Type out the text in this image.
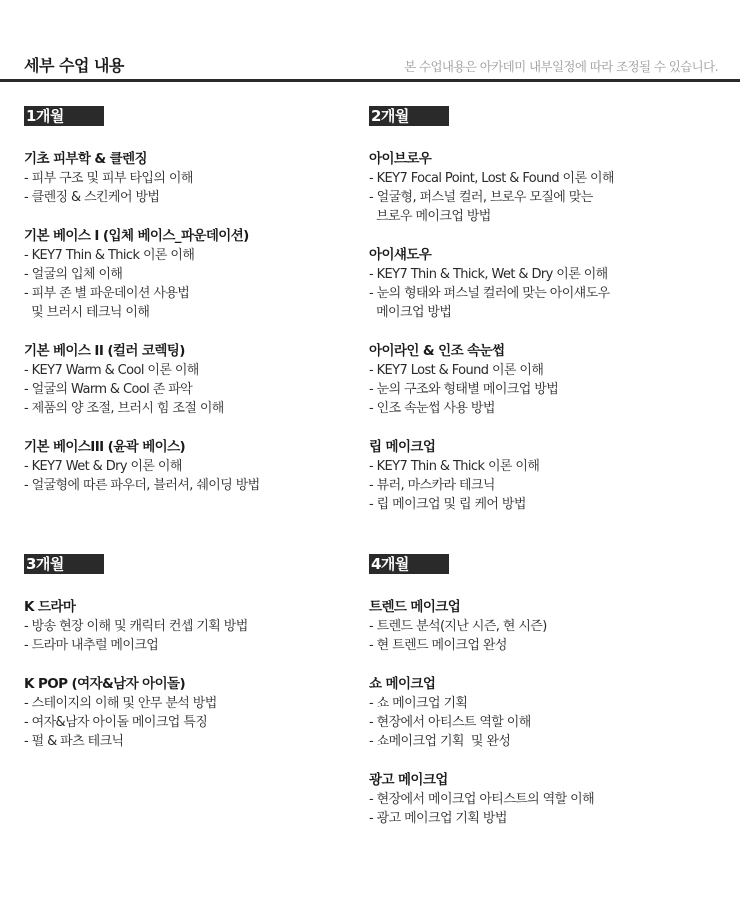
세부 수업 내용	본 수업내용은 아카데미 내부일정에 따라 조정될 수 있습니다.
1개월
기초 피부학 & 클렌징
- 피부 구조 및 피부 타입의 이해
- 클렌징 & 스킨케어 방법
기본 베이스 I (입체 베이스_파운데이션)
- KEY7 Thin & Thick 이론 이해
- 얼굴의 입체 이해
- 피부 존 별 파운데이션 사용법
및 브러시 테크닉 이해
기본 베이스 II (컬러 코렉팅)
- KEY7 Warm & Cool 이론 이해
- 얼굴의 Warm & Cool 존 파악
- 제품의 양 조절, 브러시 힘 조절 이해
기본 베이스III (윤곽 베이스)
- KEY7 Wet & Dry 이론 이해
- 얼굴형에 따른 파우더, 블러셔, 쉐이딩 방법
2개월
아이브로우
- KEY7 Focal Point, Lost & Found 이론 이해
- 얼굴형, 퍼스널 컬러, 브로우 모질에 맞는
브로우 메이크업 방법
아이섀도우
- KEY7 Thin & Thick, Wet & Dry 이론 이해
- 눈의 형태와 퍼스널 컬러에 맞는 아이섀도우
메이크업 방법
아이라인 & 인조 속눈썹
- KEY7 Lost & Found 이론 이해
- 눈의 구조와 형태별 메이크업 방법
- 인조 속눈썹 사용 방법
립 메이크업
- KEY7 Thin & Thick 이론 이해
- 뷰러, 마스카라 테크닉
- 립 메이크업 및 립 케어 방법
3개월
K 드라마
- 방송 현장 이해 및 캐릭터 컨셉 기획 방법
- 드라마 내추럴 메이크업
K POP (여자&남자 아이돌)
- 스테이지의 이해 및 안무 분석 방법
- 여자&남자 아이돌 메이크업 특징
- 펄 & 파츠 테크닉
4개월
트렌드 메이크업
- 트렌드 분석(지난 시즌, 현 시즌)
- 현 트렌드 메이크업 완성
쇼 메이크업
- 쇼 메이크업 기획
- 현장에서 아티스트 역할 이해
- 쇼메이크업 기획  및 완성
광고 메이크업
- 현장에서 메이크업 아티스트의 역할 이해
- 광고 메이크업 기획 방법
